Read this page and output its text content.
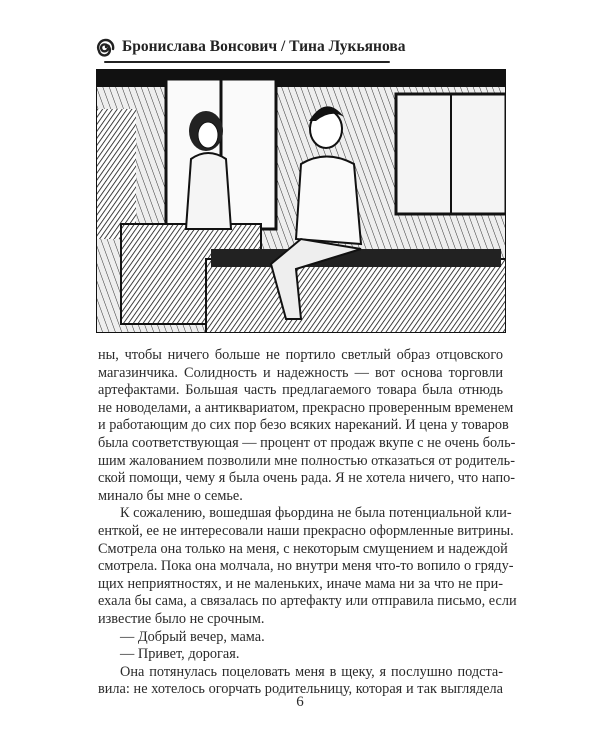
Бронислава Вонсович / Тина Лукьянова
ны, чтобы ничего больше не портило светлый образ отцовского
магазинчика. Солидность и надежность — вот основа торговли
артефактами. Большая часть предлагаемого товара была отнюдь
не новоделами, а антиквариатом, прекрасно проверенным временем
и работающим до сих пор безо всяких нареканий. И цена у товаров
была соответствующая — процент от продаж вкупе с не очень боль-
шим жалованием позволили мне полностью отказаться от родитель-
ской помощи, чему я была очень рада. Я не хотела ничего, что напо-
минало бы мне о семье.
К сожалению, вошедшая фьордина не была потенциальной кли-
енткой, ее не интересовали наши прекрасно оформленные витрины.
Смотрела она только на меня, с некоторым смущением и надеждой
смотрела. Пока она молчала, но внутри меня что-то вопило о гряду-
щих неприятностях, и не маленьких, иначе мама ни за что не при-
ехала бы сама, а связалась по артефакту или отправила письмо, если
известие было не срочным.
— Добрый вечер, мама.
— Привет, дорогая.
Она потянулась поцеловать меня в щеку, я послушно подста-
вила: не хотелось огорчать родительницу, которая и так выглядела
6
